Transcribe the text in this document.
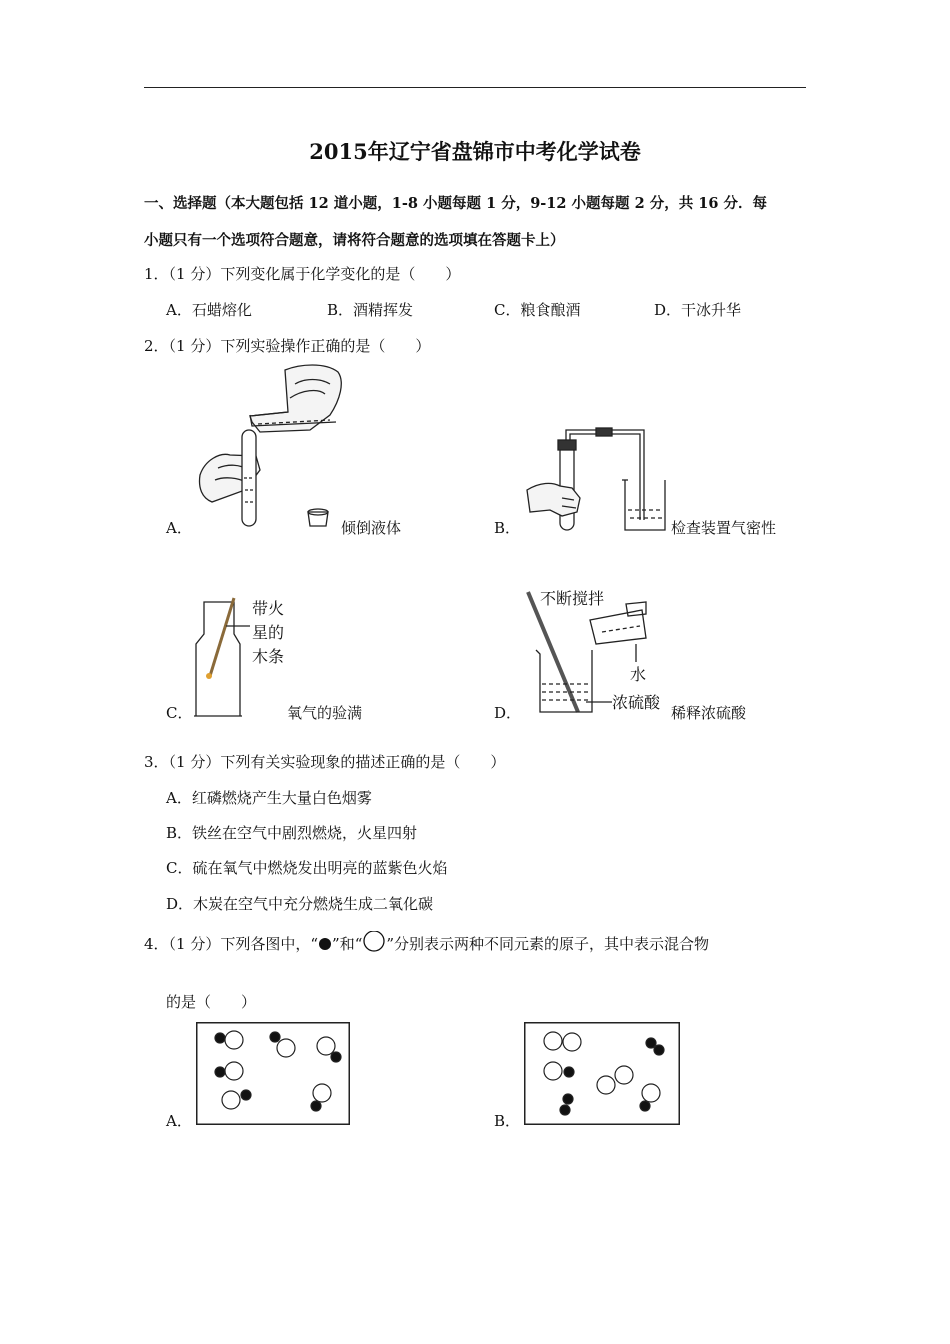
2015年辽宁省盘锦市中考化学试卷
一、选择题（本大题包括 12 道小题，1-8 小题每题 1 分，9-12 小题每题 2 分，共 16 分．每
小题只有一个选项符合题意，请将符合题意的选项填在答题卡上）
1．（1 分）下列变化属于化学变化的是（　　）
A．石蜡熔化	B．酒精挥发	C．粮食酿酒	D．干冰升华
2．（1 分）下列实验操作正确的是（　　）
A．	倾倒液体	B．	检查装置气密性
带火
星的
木条
C．	氧气的验满
不断搅拌
水
浓硫酸
D．	稀释浓硫酸
3．（1 分）下列有关实验现象的描述正确的是（　　）
A．红磷燃烧产生大量白色烟雾
B．铁丝在空气中剧烈燃烧，火星四射
C．硫在氧气中燃烧发出明亮的蓝紫色火焰
D．木炭在空气中充分燃烧生成二氧化碳
4．（1 分）下列各图中，“ ”和“ ”分别表示两种不同元素的原子，其中表示混合物
的是（　　）
A．	B．
